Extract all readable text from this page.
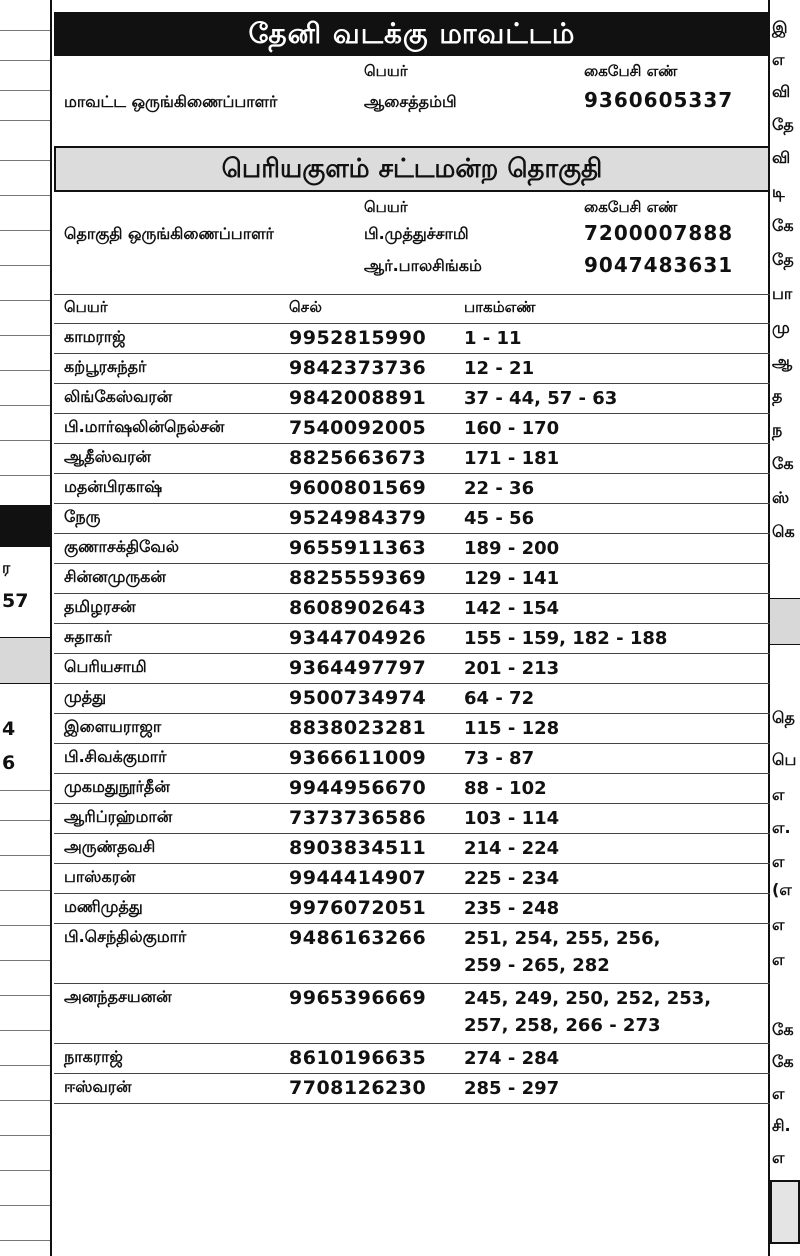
ர
57
4
6
இ
எ
வி
தே
வி
டி
கே
தே
பா
மு
ஆ
த
ந
கே
ஸ்
கெ
தெ
பெ
எ
எ.
எ
(எ
எ
எ
கே
கே
எ
சி.
எ
தேனி வடக்கு மாவட்டம்
பெயர்	கைபேசி எண்
மாவட்ட ஒருங்கிணைப்பாளர்	ஆசைத்தம்பி	9360605337
பெரியகுளம் சட்டமன்ற தொகுதி
பெயர்	கைபேசி எண்
தொகுதி ஒருங்கிணைப்பாளர்	பி.முத்துச்சாமி	7200007888
ஆர்.பாலசிங்கம்	9047483631
பெயர்	செல்	பாகம்எண்
காமராஜ்	9952815990	1 - 11

கற்பூரசுந்தர்	9842373736	12 - 21

லிங்கேஸ்வரன்	9842008891	37 - 44, 57 - 63

பி.மார்ஷலின்நெல்சன்	7540092005	160 - 170

ஆதீஸ்வரன்	8825663673	171 - 181

மதன்பிரகாஷ்	9600801569	22 - 36

நேரு	9524984379	45 - 56

குணாசக்திவேல்	9655911363	189 - 200

சின்னமுருகன்	8825559369	129 - 141

தமிழரசன்	8608902643	142 - 154

சுதாகர்	9344704926	155 - 159, 182 - 188

பெரியசாமி	9364497797	201 - 213

முத்து	9500734974	64 - 72

இளையராஜா	8838023281	115 - 128

பி.சிவக்குமார்	9366611009	73 - 87

முகமதுநூர்தீன்	9944956670	88 - 102

ஆரிப்ரஹ்மான்	7373736586	103 - 114

அருண்தவசி	8903834511	214 - 224

பாஸ்கரன்	9944414907	225 - 234

மணிமுத்து	9976072051	235 - 248

பி.செந்தில்குமார்	9486163266	251, 254, 255, 256,
259 - 265, 282

அனந்தசயனன்	9965396669	245, 249, 250, 252, 253,
257, 258, 266 - 273

நாகராஜ்	8610196635	274 - 284

ஈஸ்வரன்	7708126230	285 - 297
